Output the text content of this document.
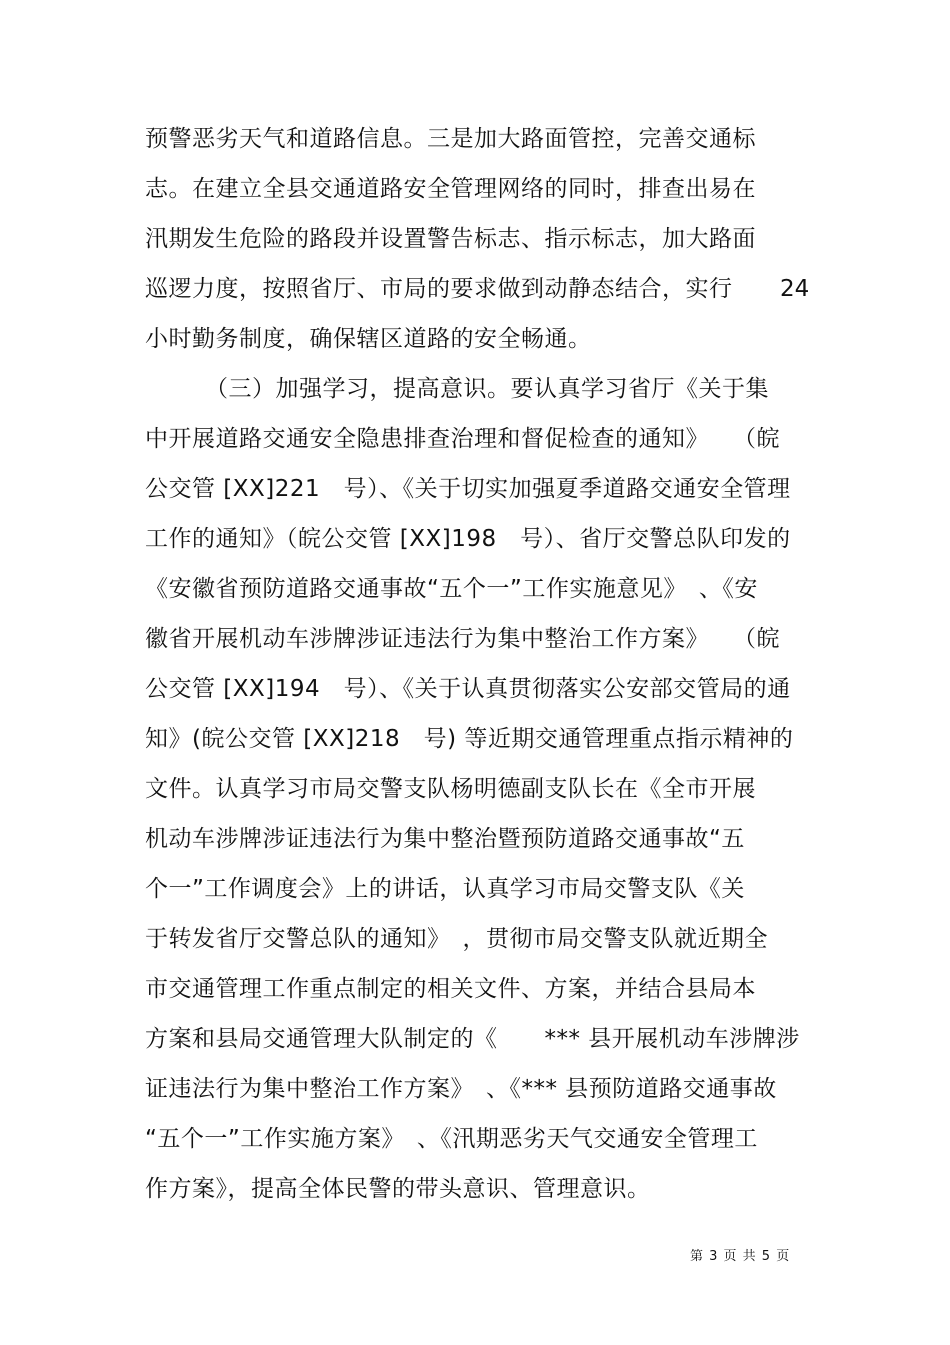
预警恶劣天气和道路信息。三是加大路面管控，完善交通标
志。在建立全县交通道路安全管理网络的同时，排查出易在
汛期发生危险的路段并设置警告标志、指示标志，加大路面
巡逻力度，按照省厅、市局的要求做到动静态结合，实行 24
小时勤务制度，确保辖区道路的安全畅通。
（三）加强学习，提高意识。要认真学习省厅《关于集
中开展道路交通安全隐患排查治理和督促检查的通知》　　（皖
公交管 [XX]221　号）、《关于切实加强夏季道路交通安全管理
工作的通知》（皖公交管 [XX]198　号）、省厅交警总队印发的
《安徽省预防道路交通事故“五个一”工作实施意见》　、《安
徽省开展机动车涉牌涉证违法行为集中整治工作方案》　　（皖
公交管 [XX]194　号）、《关于认真贯彻落实公安部交管局的通
知》(皖公交管 [XX]218　号) 等近期交通管理重点指示精神的
文件。认真学习市局交警支队杨明德副支队长在《全市开展
机动车涉牌涉证违法行为集中整治暨预防道路交通事故“五
个一”工作调度会》上的讲话，认真学习市局交警支队《关
于转发省厅交警总队的通知》　，贯彻市局交警支队就近期全
市交通管理工作重点制定的相关文件、方案，并结合县局本
方案和县局交通管理大队制定的《　　*** 县开展机动车涉牌涉
证违法行为集中整治工作方案》　、《*** 县预防道路交通事故
“五个一”工作实施方案》　、《汛期恶劣天气交通安全管理工
作方案》，提高全体民警的带头意识、管理意识。
第 3 页 共 5 页
